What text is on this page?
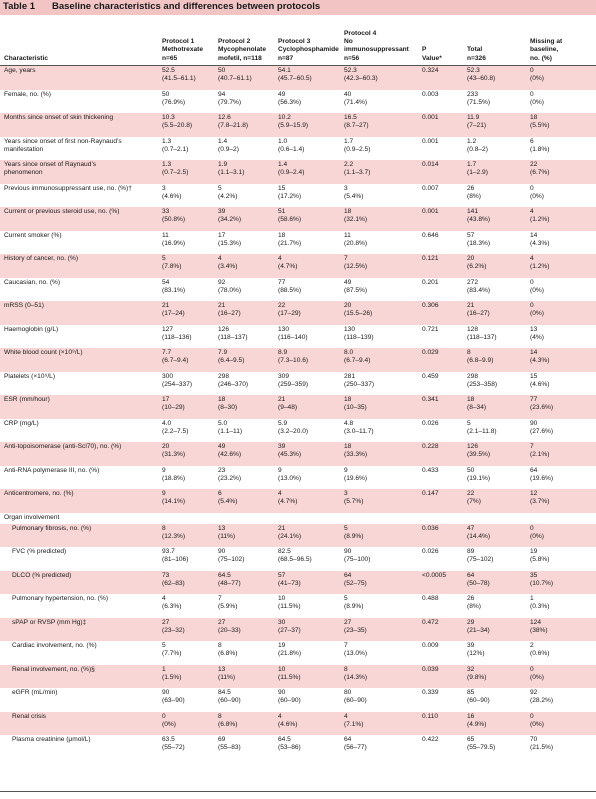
Table 1 Baseline characteristics and differences between protocols
Characteristic	Protocol 1
Methotrexate
n=65	Protocol 2
Mycophenolate
mofetil, n=118	Protocol 3
Cyclophosphamide
n=87	Protocol 4
No
immunosuppressant
n=56	P
Value*	Total
n=326	Missing at
baseline,
no. (%)
Age, years	52.5
(41.5–61.1)	50
(40.7–61.1)	54.1
(45.7–60.5)	52.3
(42.3–60.3)	0.324	52.3
(43–60.8)	0
(0%)
Female, no. (%)	50
(76.9%)	94
(79.7%)	49
(56.3%)	40
(71.4%)	0.003	233
(71.5%)	0
(0%)
Months since onset of skin thickening	10.3
(5.5–20.8)	12.6
(7.8–21.8)	10.2
(5.9–15.9)	16.5
(8.7–27)	0.001	11.9
(7–21)	18
(5.5%)
Years since onset of first non-Raynaud’s
manifestation	1.3
(0.7–2.1)	1.4
(0.9–2)	1.0
(0.6–1.4)	1.7
(0.9–2.5)	0.001	1.2
(0.8–2)	6
(1.8%)
Years since onset of Raynaud’s
phenomenon	1.3
(0.7–2.5)	1.9
(1.1–3.1)	1.4
(0.9–2.4)	2.2
(1.1–3.7)	0.014	1.7
(1–2.9)	22
(6.7%)
Previous immunosuppressant use, no. (%)†	3
(4.6%)	5
(4.2%)	15
(17.2%)	3
(5.4%)	0.007	26
(8%)	0
(0%)
Current or previous steroid use, no. (%)	33
(50.8%)	39
(34.2%)	51
(58.6%)	18
(32.1%)	0.001	141
(43.8%)	4
(1.2%)
Current smoker (%)	11
(16.9%)	17
(15.3%)	18
(21.7%)	11
(20.8%)	0.646	57
(18.3%)	14
(4.3%)
History of cancer, no. (%)	5
(7.8%)	4
(3.4%)	4
(4.7%)	7
(12.5%)	0.121	20
(6.2%)	4
(1.2%)
Caucasian, no. (%)	54
(83.1%)	92
(78.0%)	77
(88.5%)	49
(87.5%)	0.201	272
(83.4%)	0
(0%)
mRSS (0–51)	21
(17–24)	21
(16–27)	22
(17–29)	20
(15.5–26)	0.306	21
(16–27)	0
(0%)
Haemoglobin (g/L)	127
(118–136)	126
(118–137)	130
(116–140)	130
(118–139)	0.721	128
(118–137)	13
(4%)
White blood count (×10⁹/L)	7.7
(6.7–9.4)	7.9
(6.4–9.5)	8.9
(7.3–10.6)	8.0
(6.7–9.4)	0.029	8
(6.8–9.9)	14
(4.3%)
Platelets (×10⁹/L)	300
(254–337)	298
(246–370)	309
(259–359)	281
(250–337)	0.459	298
(253–358)	15
(4.6%)
ESR (mm/hour)	17
(10–29)	18
(8–30)	21
(9–48)	18
(10–35)	0.341	18
(8–34)	77
(23.6%)
CRP (mg/L)	4.0
(2.2–7.5)	5.0
(1.1–11)	5.9
(3.2–20.0)	4.8
(3.0–11.7)	0.026	5
(2.1–11.8)	90
(27.6%)
Anti-topoisomerase (anti-Scl70), no. (%)	20
(31.3%)	49
(42.6%)	39
(45.3%)	18
(33.3%)	0.228	126
(39.5%)	7
(2.1%)
Anti-RNA polymerase III, no. (%)	9
(18.8%)	23
(23.2%)	9
(13.0%)	9
(19.6%)	0.433	50
(19.1%)	64
(19.6%)
Anticentromere, no. (%)	9
(14.1%)	6
(5.4%)	4
(4.7%)	3
(5.7%)	0.147	22
(7%)	12
(3.7%)
Organ involvement							
Pulmonary fibrosis, no. (%)	8
(12.3%)	13
(11%)	21
(24.1%)	5
(8.9%)	0.036	47
(14.4%)	0
(0%)
FVC (% predicted)	93.7
(81–106)	90
(75–102)	82.5
(68.5–96.5)	90
(75–100)	0.026	89
(75–102)	19
(5.8%)
DLCO (% predicted)	73
(62–83)	64.5
(48–77)	57
(41–73)	64
(52–75)	<0.0005	64
(50–78)	35
(10.7%)
Pulmonary hypertension, no. (%)	4
(6.3%)	7
(5.9%)	10
(11.5%)	5
(8.9%)	0.488	26
(8%)	1
(0.3%)
sPAP or RVSP (mm Hg)‡	27
(23–32)	27
(20–33)	30
(27–37)	27
(23–35)	0.472	29
(21–34)	124
(38%)
Cardiac involvement, no. (%)	5
(7.7%)	8
(6.8%)	19
(21.8%)	7
(13.0%)	0.009	39
(12%)	2
(0.6%)
Renal involvement, no. (%)§	1
(1.5%)	13
(11%)	10
(11.5%)	8
(14.3%)	0.039	32
(9.8%)	0
(0%)
eGFR (mL/min)	90
(63–90)	84.5
(60–90)	90
(60–90)	80
(60–90)	0.339	85
(60–90)	92
(28.2%)
Renal crisis	0
(0%)	8
(6.8%)	4
(4.6%)	4
(7.1%)	0.110	16
(4.9%)	0
(0%)
Plasma creatinine (μmol/L)	63.5
(55–72)	69
(55–83)	64.5
(53–86)	64
(56–77)	0.422	65
(55–79.5)	70
(21.5%)
